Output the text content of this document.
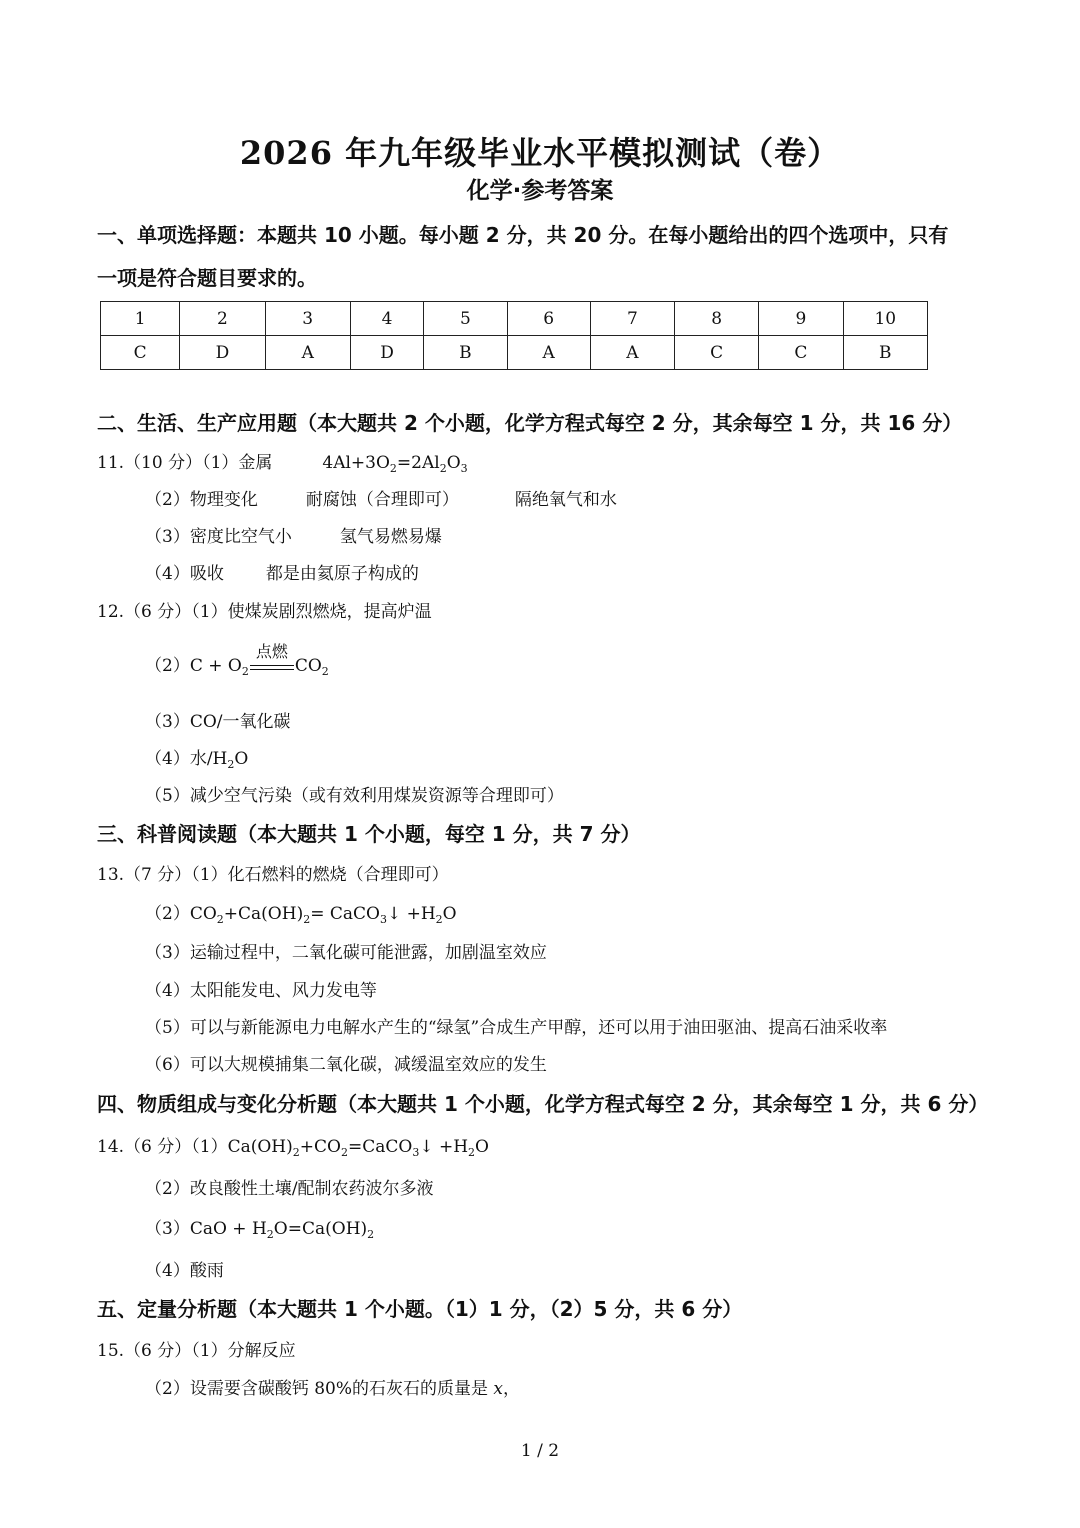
2026 年九年级毕业水平模拟测试（卷）
化学·参考答案
一、单项选择题：本题共 10 小题。每小题 2 分，共 20 分。在每小题给出的四个选项中，只有
一项是符合题目要求的。
1	2	3	4	5	6	7	8	9	10
C	D	A	D	B	A	A	C	C	B
二、生活、生产应用题（本大题共 2 个小题，化学方程式每空 2 分，其余每空 1 分，共 16 分）
11.（10 分）（1）金属	$4Al+3O_2=2Al_2O_3$
（2）物理变化	耐腐蚀（合理即可）	隔绝氧气和水
（3）密度比空气小	氢气易燃易爆
（4）吸收 都是由氦原子构成的
12.（6 分）（1）使煤炭剧烈燃烧，提高炉温
$(2)C + O_2$
点燃
$CO_2$
（3）CO/一氧化碳
（4）水$/H_2O$
（5）减少空气污染（或有效利用煤炭资源等合理即可）
三、科普阅读题（本大题共 1 个小题，每空 1 分，共 7 分）
13.（7 分）（1）化石燃料的燃烧（合理即可）
$(2)CO_2+Ca(OH)_2=$ CaCO$_3$↓ $+H_2O$
（3）运输过程中，二氧化碳可能泄露，加剧温室效应
（4）太阳能发电、风力发电等
（5）可以与新能源电力电解水产生的“绿氢”合成生产甲醇，还可以用于油田驱油、提高石油采收率
（6）可以大规模捕集二氧化碳，减缓温室效应的发生
四、物质组成与变化分析题（本大题共 1 个小题，化学方程式每空 2 分，其余每空 1 分，共 6 分）
14.（6 分）$(1)Ca(OH)_2+CO_2=CaCO_3↓ +H_2O$
（2）改良酸性土壤/配制农药波尔多液
$(3)CaO + H_2O=Ca(OH)_2$
（4）酸雨
五、定量分析题（本大题共 1 个小题。（1）1 分，（2）5 分，共 6 分）
15.（6 分）（1）分解反应
（2）设需要含碳酸钙 80%的石灰石的质量是 x，
1 / 2
